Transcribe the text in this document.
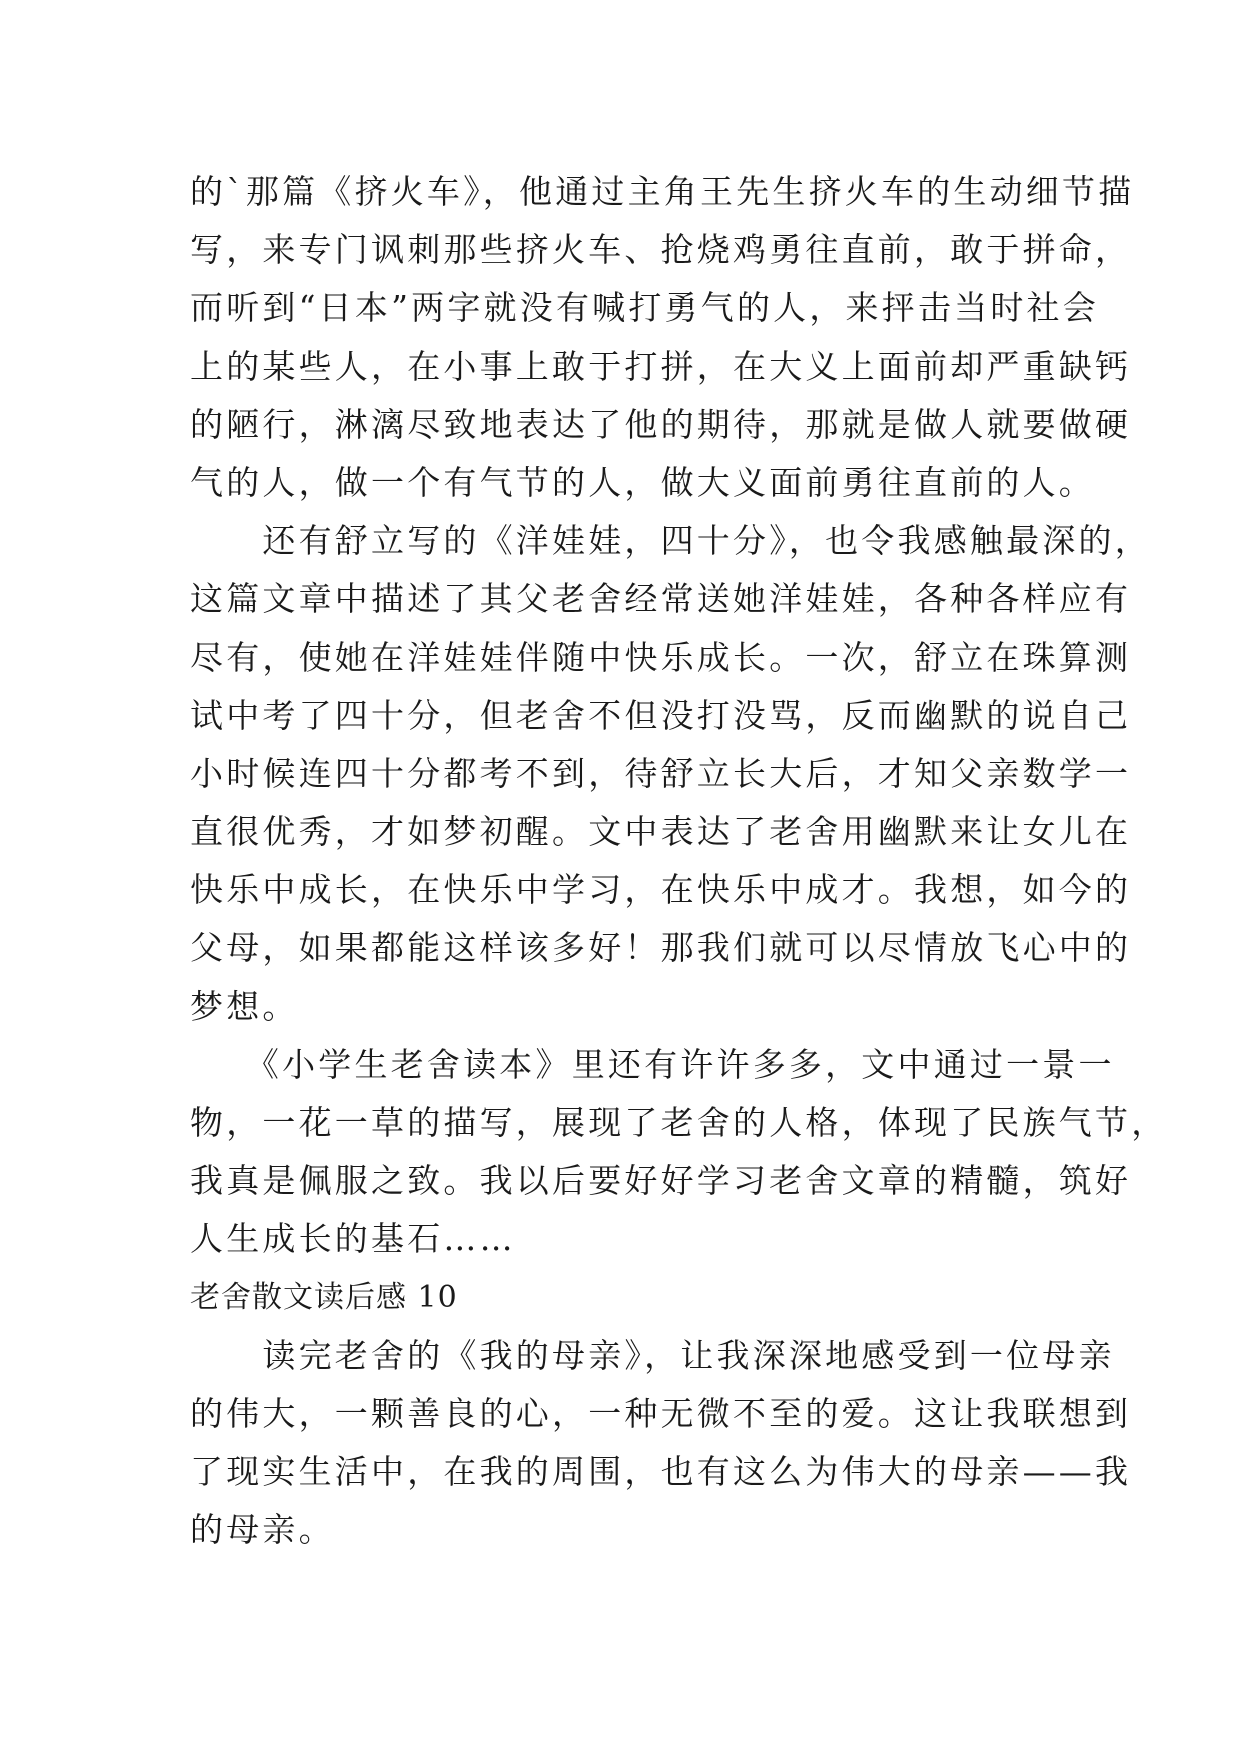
的`那篇《挤火车》，他通过主角王先生挤火车的生动细节描
写，来专门讽刺那些挤火车、抢烧鸡勇往直前，敢于拼命，
而听到“日本”两字就没有喊打勇气的人，来抨击当时社会
上的某些人，在小事上敢于打拼，在大义上面前却严重缺钙
的陋行，淋漓尽致地表达了他的期待，那就是做人就要做硬
气的人，做一个有气节的人，做大义面前勇往直前的人。
　　还有舒立写的《洋娃娃，四十分》，也令我感触最深的，
这篇文章中描述了其父老舍经常送她洋娃娃，各种各样应有
尽有，使她在洋娃娃伴随中快乐成长。一次，舒立在珠算测
试中考了四十分，但老舍不但没打没骂，反而幽默的说自己
小时候连四十分都考不到，待舒立长大后，才知父亲数学一
直很优秀，才如梦初醒。文中表达了老舍用幽默来让女儿在
快乐中成长，在快乐中学习，在快乐中成才。我想，如今的
父母，如果都能这样该多好！那我们就可以尽情放飞心中的
梦想。
　　《小学生老舍读本》里还有许许多多，文中通过一景一
物，一花一草的描写，展现了老舍的人格，体现了民族气节，
我真是佩服之致。我以后要好好学习老舍文章的精髓，筑好
人生成长的基石……
老舍散文读后感 10
　　读完老舍的《我的母亲》，让我深深地感受到一位母亲
的伟大，一颗善良的心，一种无微不至的爱。这让我联想到
了现实生活中，在我的周围，也有这么为伟大的母亲——我
的母亲。
